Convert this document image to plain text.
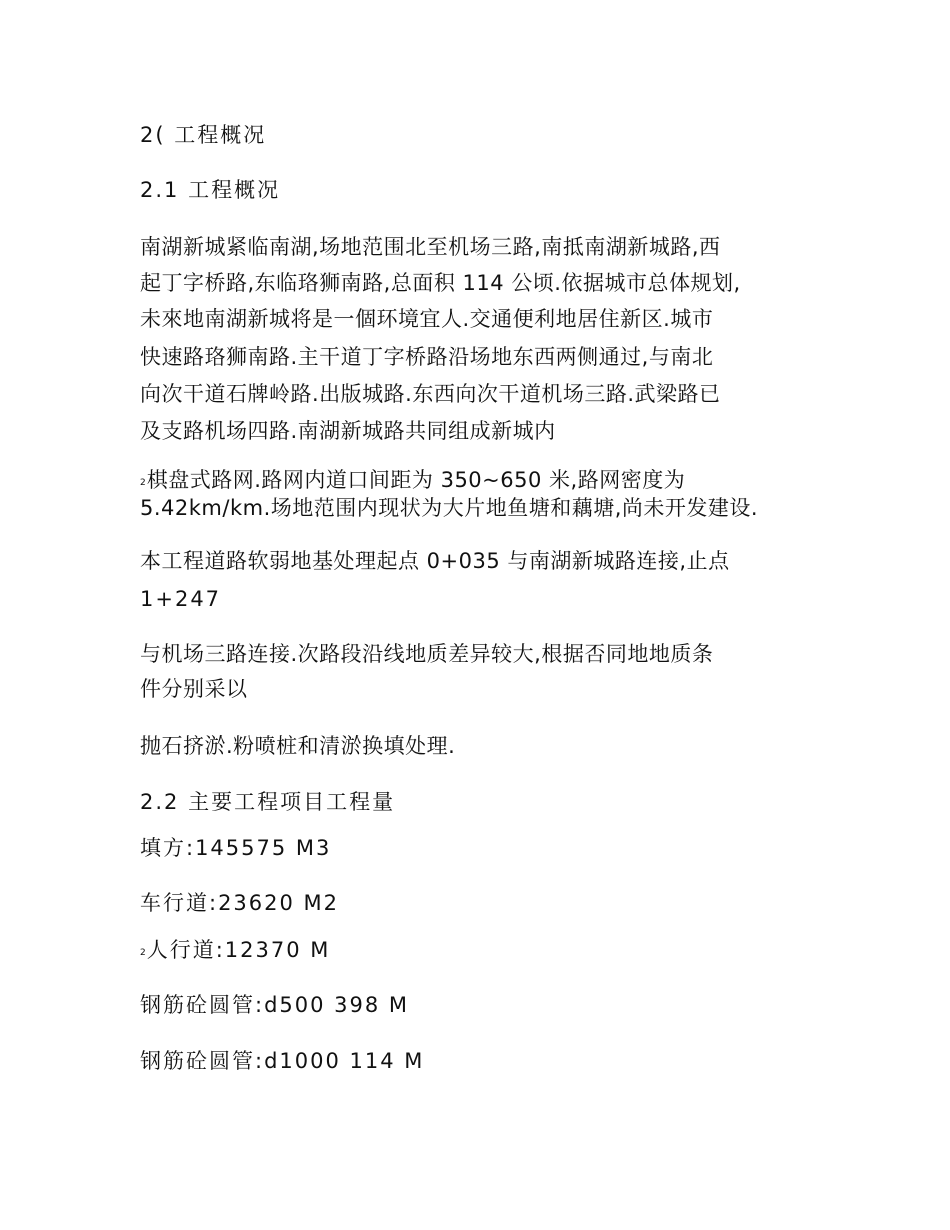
2( 工程概况
2.1 工程概况
南湖新城紧临南湖,场地范围北至机场三路,南抵南湖新城路,西
起丁字桥路,东临珞狮南路,总面积 114 公顷.依据城市总体规划,
未來地南湖新城将是一個环境宜人.交通便利地居住新区.城市
快速路珞狮南路.主干道丁字桥路沿场地东西两侧通过,与南北
向次干道石牌岭路.出版城路.东西向次干道机场三路.武梁路已
及支路机场四路.南湖新城路共同组成新城内
$^2$棋盘式路网.路网内道口间距为 350~650 米,路网密度为
5.42km/km.场地范围内现状为大片地鱼塘和藕塘,尚未开发建设.
本工程道路软弱地基处理起点 0+035 与南湖新城路连接,止点
1+247
与机场三路连接.次路段沿线地质差异较大,根据否同地地质条
件分别采以
抛石挤淤.粉喷桩和清淤换填处理.
2.2 主要工程项目工程量
填方:145575 M3
车行道:23620 M2
$^2$人行道:12370 M
钢筋砼圆管:d500 398 M
钢筋砼圆管:d1000 114 M
